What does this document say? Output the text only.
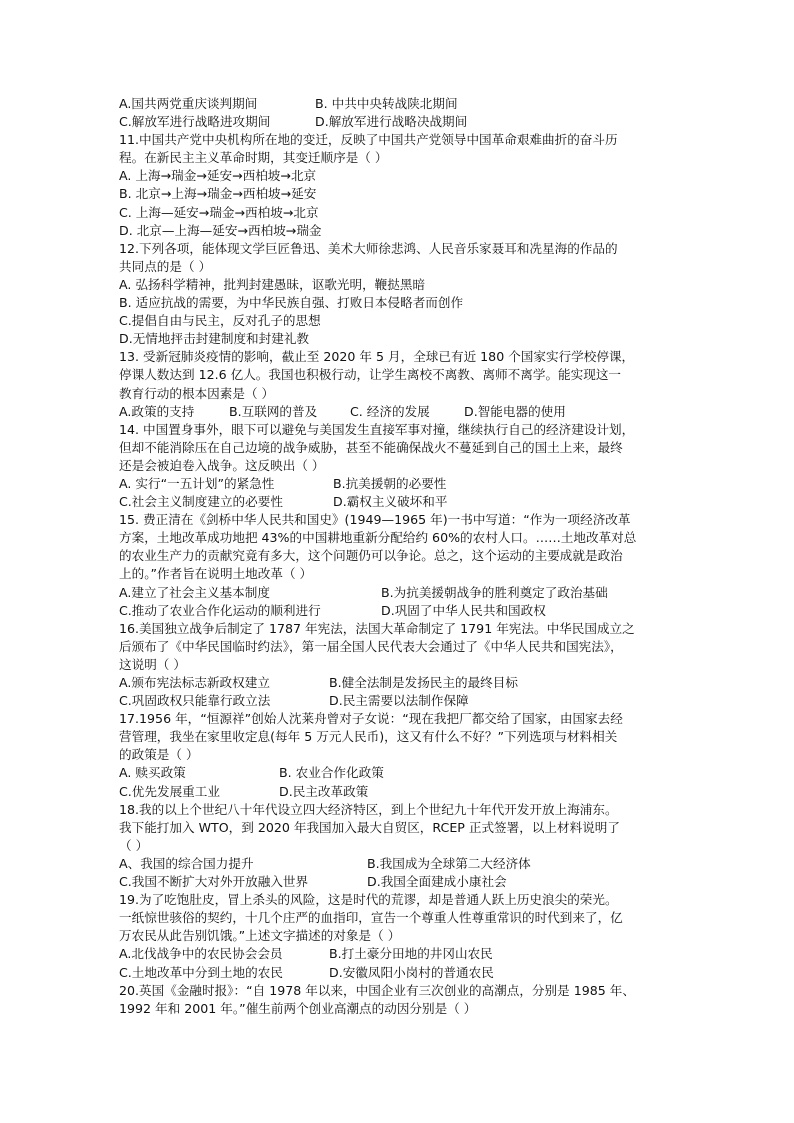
A.国共两党重庆谈判期间	B. 中共中央转战陕北期间
C.解放军进行战略进攻期间	D.解放军进行战略决战期间
11.中国共产党中央机构所在地的变迁，反映了中国共产党领导中国革命艰难曲折的奋斗历
程。在新民主主义革命时期，其变迁顺序是（ ）
A. 上海→瑞金→延安→西柏坡→北京
B. 北京→上海→瑞金→西柏坡→延安
C. 上海—延安→瑞金→西柏坡→北京
D. 北京—上海—延安→西柏坡→瑞金
12.下列各项，能体现文学巨匠鲁迅、美术大师徐悲鸿、人民音乐家聂耳和冼星海的作品的
共同点的是（ ）
A. 弘扬科学精神，批判封建愚昧，讴歌光明，鞭挞黑暗
B. 适应抗战的需要，为中华民族自强、打败日本侵略者而创作
C.提倡自由与民主，反对孔子的思想
D.无情地抨击封建制度和封建礼教
13. 受新冠肺炎疫情的影响，截止至 2020 年 5 月，全球已有近 180 个国家实行学校停课，
停课人数达到 12.6 亿人。我国也积极行动，让学生离校不离教、离师不离学。能实现这一
教育行动的根本因素是（ ）
A.政策的支持	B.互联网的普及	C. 经济的发展	D.智能电器的使用
14. 中国置身事外，眼下可以避免与美国发生直接军事对撞，继续执行自己的经济建设计划，
但却不能消除压在自己边境的战争威胁，甚至不能确保战火不蔓延到自己的国土上来，最终
还是会被迫卷入战争。这反映出（ ）
A. 实行“一五计划”的紧急性	B.抗美援朝的必要性
C.社会主义制度建立的必要性	D.霸权主义破坏和平
15. 费正清在《剑桥中华人民共和国史》(1949—1965 年)一书中写道：“作为一项经济改革
方案，土地改革成功地把 43%的中国耕地重新分配给约 60%的农村人口。……土地改革对总
的农业生产力的贡献究竟有多大，这个问题仍可以争论。总之，这个运动的主要成就是政治
上的。”作者旨在说明土地改革（ ）
A.建立了社会主义基本制度	B.为抗美援朝战争的胜利奠定了政治基础
C.推动了农业合作化运动的顺利进行	D.巩固了中华人民共和国政权
16.美国独立战争后制定了 1787 年宪法，法国大革命制定了 1791 年宪法。中华民国成立之
后颁布了《中华民国临时约法》，第一届全国人民代表大会通过了《中华人民共和国宪法》，
这说明（ ）
A.颁布宪法标志新政权建立	B.健全法制是发扬民主的最终目标
C.巩固政权只能靠行政立法	D.民主需要以法制作保障
17.1956 年，“恒源祥”创始人沈莱舟曾对子女说：“现在我把厂都交给了国家，由国家去经
营管理，我坐在家里收定息(每年 5 万元人民币)，这又有什么不好？”下列选项与材料相关
的政策是（ ）
A. 赎买政策	B. 农业合作化政策
C.优先发展重工业	D.民主改革政策
18.我的以上个世纪八十年代设立四大经济特区，到上个世纪九十年代开发开放上海浦东。
我下能打加入 WTO，到 2020 年我国加入最大自贸区，RCEP 正式签署，以上材料说明了
（ ）
A、我国的综合国力提升	B.我国成为全球第二大经济体
C.我国不断扩大对外开放融入世界	D.我国全面建成小康社会
19.为了吃饱肚皮，冒上杀头的风险，这是时代的荒谬，却是普通人跃上历史浪尖的荣光。
一纸惊世骇俗的契约，十几个庄严的血指印，宣告一个尊重人性尊重常识的时代到来了，亿
万农民从此告别饥饿。”上述文字描述的对象是（ ）
A.北伐战争中的农民协会会员	B.打土豪分田地的井冈山农民
C.土地改革中分到土地的农民	D.安徽凤阳小岗村的普通农民
20.英国《金融时报》：“自 1978 年以来，中国企业有三次创业的高潮点，分别是 1985 年、
1992 年和 2001 年。”催生前两个创业高潮点的动因分别是（ ）
